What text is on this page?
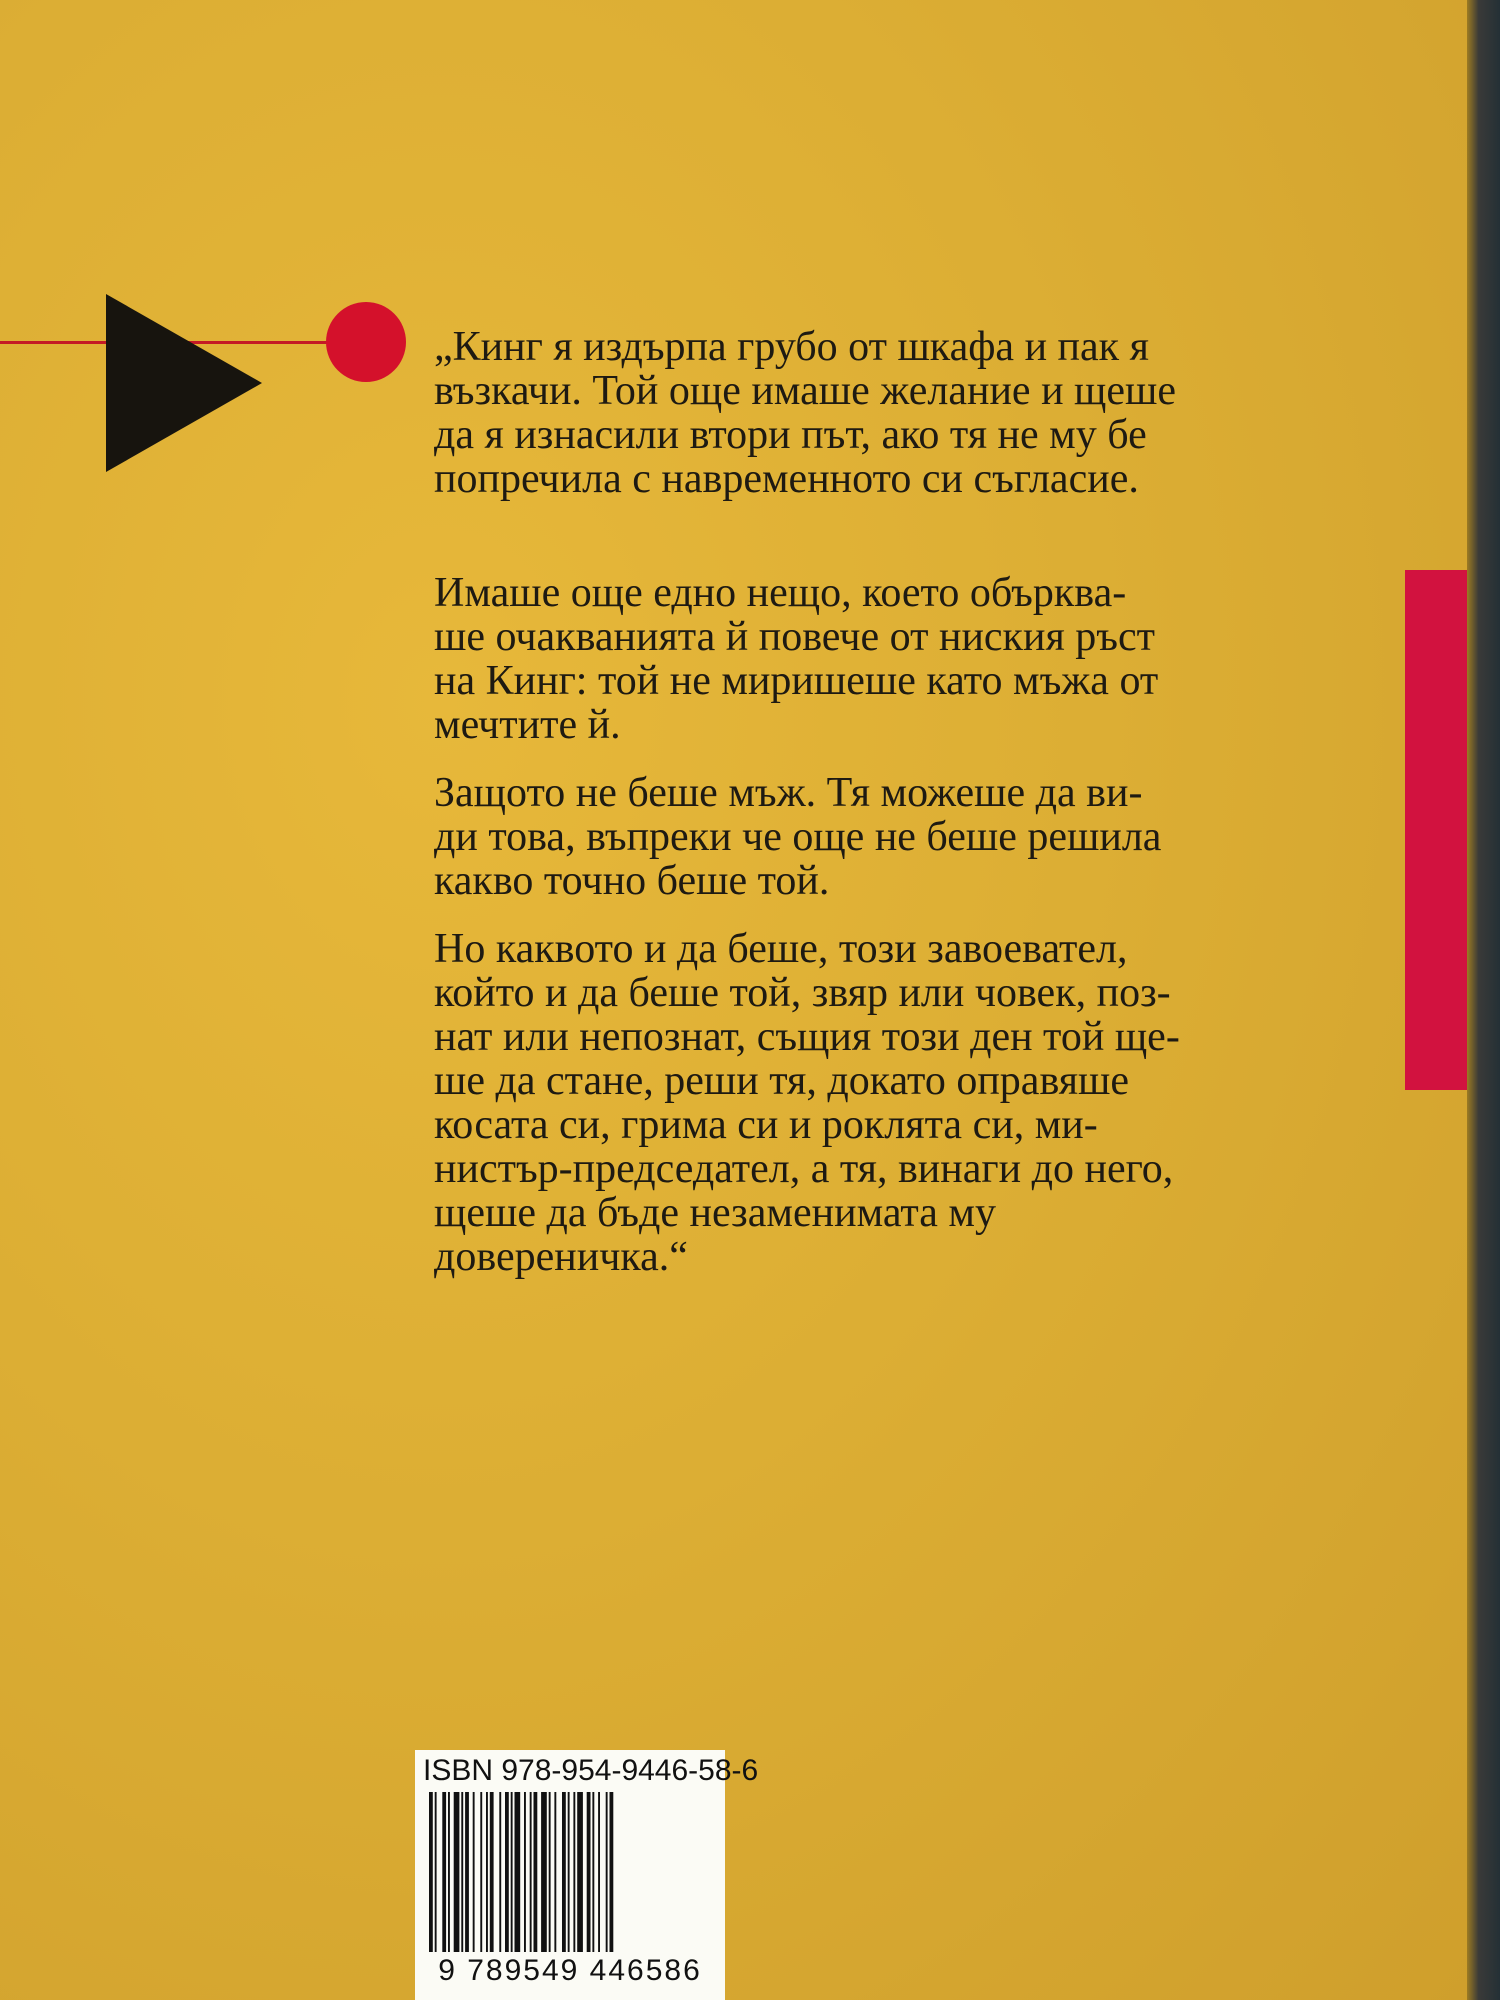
„Кинг я издърпа грубо от шкафа и пак я
възкачи. Той още имаше желание и щеше
да я изнасили втори път, ако тя не му бе
попречила с навременното си съгласие.

Имаше още едно нещо, което обърква-
ше очакванията й повече от ниския ръст
на Кинг: той не миришеше като мъжа от
мечтите й.

Защото не беше мъж. Тя можеше да ви-
ди това, въпреки че още не беше решила
какво точно беше той.

Но каквото и да беше, този завоевател,
който и да беше той, звяр или човек, поз-
нат или непознат, същия този ден той ще-
ше да стане, реши тя, докато оправяше
косата си, грима си и роклята си, ми-
нистър-председател, а тя, винаги до него,
щеше да бъде незаменимата му
довереничка.“

ISBN 978-954-9446-58-6
9 789549 446586
